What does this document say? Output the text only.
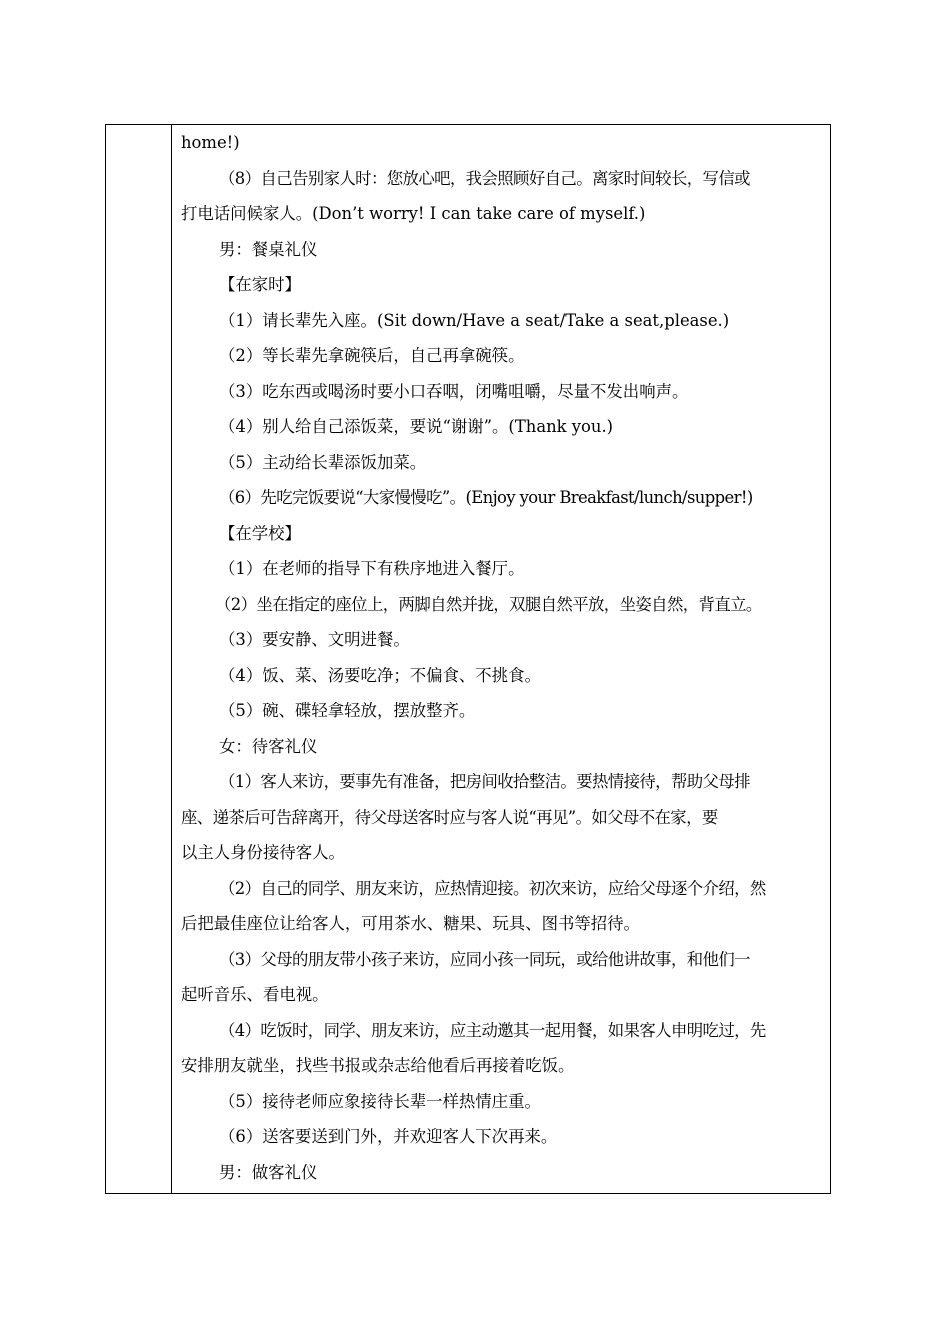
home!)
（8）自己告别家人时：您放心吧，我会照顾好自己。离家时间较长，写信或
打电话问候家人。(Don’t worry! I can take care of myself.)
男：餐桌礼仪
【在家时】
（1）请长辈先入座。(Sit down/Have a seat/Take a seat,please.)
（2）等长辈先拿碗筷后，自己再拿碗筷。
（3）吃东西或喝汤时要小口吞咽，闭嘴咀嚼，尽量不发出响声。
（4）别人给自己添饭菜，要说“谢谢”。(Thank you.)
（5）主动给长辈添饭加菜。
（6）先吃完饭要说“大家慢慢吃”。(Enjoy your Breakfast/lunch/supper!)
【在学校】
（1）在老师的指导下有秩序地进入餐厅。
（2）坐在指定的座位上，两脚自然并拢，双腿自然平放，坐姿自然，背直立。
（3）要安静、文明进餐。
（4）饭、菜、汤要吃净；不偏食、不挑食。
（5）碗、碟轻拿轻放，摆放整齐。
女：待客礼仪
（1）客人来访，要事先有准备，把房间收拾整洁。要热情接待，帮助父母排
座、递茶后可告辞离开，待父母送客时应与客人说“再见”。如父母不在家，要
以主人身份接待客人。
（2）自己的同学、朋友来访，应热情迎接。初次来访，应给父母逐个介绍，然
后把最佳座位让给客人，可用茶水、糖果、玩具、图书等招待。
（3）父母的朋友带小孩子来访，应同小孩一同玩，或给他讲故事，和他们一
起听音乐、看电视。
（4）吃饭时，同学、朋友来访，应主动邀其一起用餐，如果客人申明吃过，先
安排朋友就坐，找些书报或杂志给他看后再接着吃饭。
（5）接待老师应象接待长辈一样热情庄重。
（6）送客要送到门外，并欢迎客人下次再来。
男：做客礼仪
